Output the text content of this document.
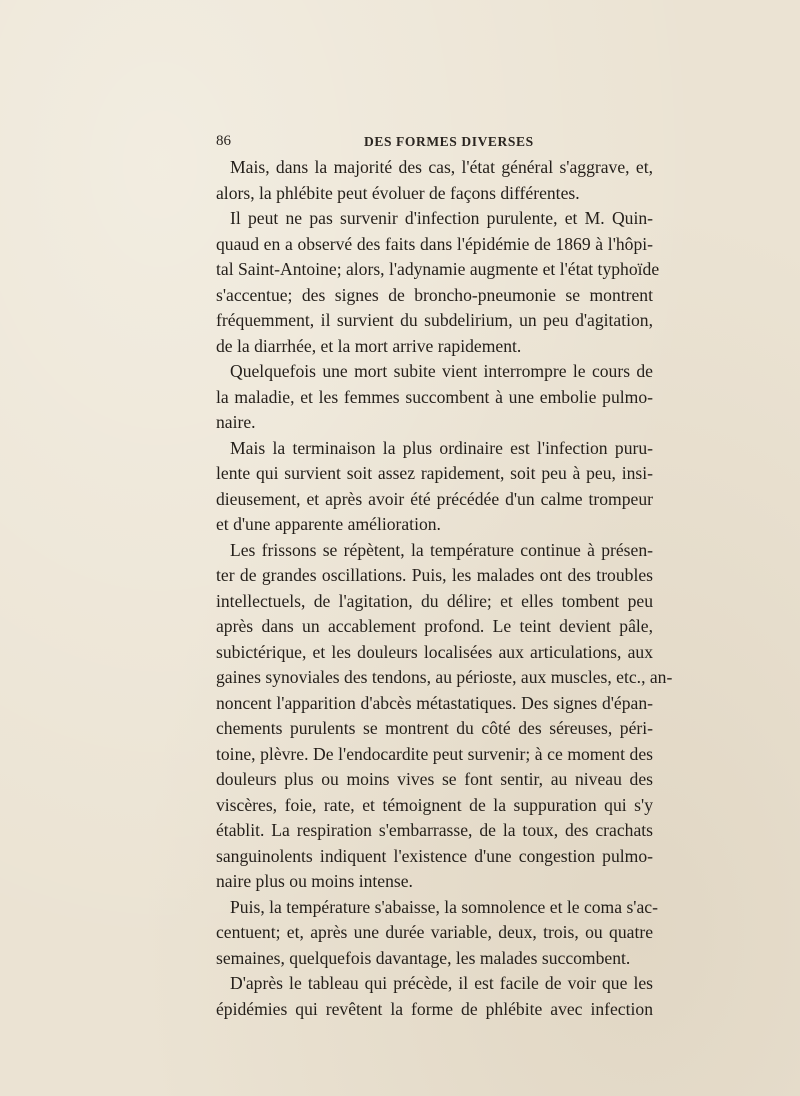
86	DES FORMES DIVERSES
Mais, dans la majorité des cas, l'état général s'aggrave, et,
alors, la phlébite peut évoluer de façons différentes.
Il peut ne pas survenir d'infection purulente, et M. Quin-
quaud en a observé des faits dans l'épidémie de 1869 à l'hôpi-
tal Saint-Antoine; alors, l'adynamie augmente et l'état typhoïde
s'accentue; des signes de broncho-pneumonie se montrent
fréquemment, il survient du subdelirium, un peu d'agitation,
de la diarrhée, et la mort arrive rapidement.
Quelquefois une mort subite vient interrompre le cours de
la maladie, et les femmes succombent à une embolie pulmo-
naire.
Mais la terminaison la plus ordinaire est l'infection puru-
lente qui survient soit assez rapidement, soit peu à peu, insi-
dieusement, et après avoir été précédée d'un calme trompeur
et d'une apparente amélioration.
Les frissons se répètent, la température continue à présen-
ter de grandes oscillations. Puis, les malades ont des troubles
intellectuels, de l'agitation, du délire; et elles tombent peu
après dans un accablement profond. Le teint devient pâle,
subictérique, et les douleurs localisées aux articulations, aux
gaines synoviales des tendons, au périoste, aux muscles, etc., an-
noncent l'apparition d'abcès métastatiques. Des signes d'épan-
chements purulents se montrent du côté des séreuses, péri-
toine, plèvre. De l'endocardite peut survenir; à ce moment des
douleurs plus ou moins vives se font sentir, au niveau des
viscères, foie, rate, et témoignent de la suppuration qui s'y
établit. La respiration s'embarrasse, de la toux, des crachats
sanguinolents indiquent l'existence d'une congestion pulmo-
naire plus ou moins intense.
Puis, la température s'abaisse, la somnolence et le coma s'ac-
centuent; et, après une durée variable, deux, trois, ou quatre
semaines, quelquefois davantage, les malades succombent.
D'après le tableau qui précède, il est facile de voir que les
épidémies qui revêtent la forme de phlébite avec infection
